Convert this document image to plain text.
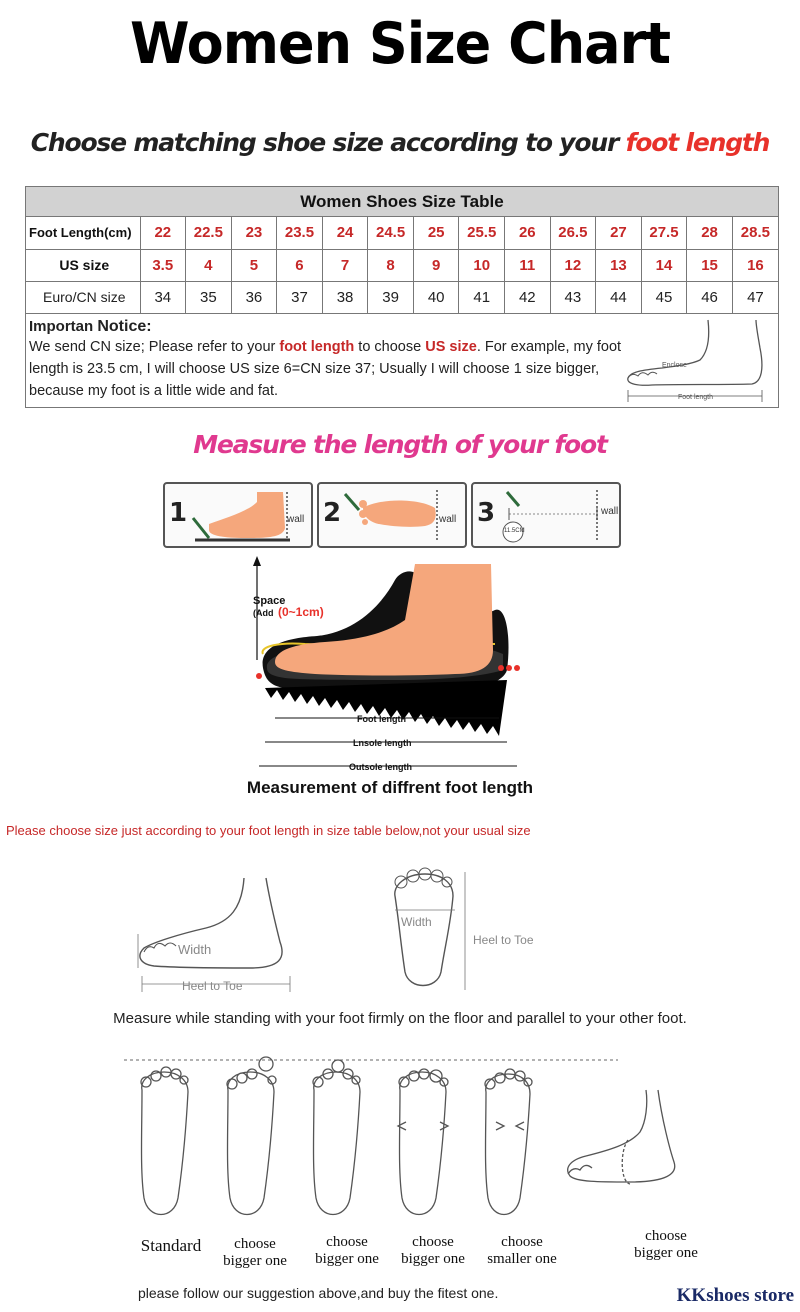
Women Size Chart
Choose matching shoe size according to your foot length
Women Shoes Size Table
Foot Length(cm)	22	22.5	23	23.5	24	24.5	25	25.5	26	26.5	27	27.5	28	28.5
US size	3.5	4	5	6	7	8	9	10	11	12	13	14	15	16
Euro/CN size	34	35	36	37	38	39	40	41	42	43	44	45	46	47
Importan Notice:
We send CN size; Please refer to your foot length to choose US size. For example, my foot length is 23.5 cm, I will choose US size 6=CN size 37; Usually I will choose 1 size bigger, because my foot is a little wide and fat.
Enclose
Foot length
Measure the length of your foot
1	wall 2	wall 3	wall
11.5CM
Space
(Add (0~1cm)
Foot length
Lnsole length
Outsole length
Measurement of diffrent foot length
Please choose size just according to your foot length in size table below,not your usual size
Width
Heel to Toe
Width
Heel to Toe
Measure while standing with your foot firmly on the floor and parallel to your other foot.
Standard	choose
bigger one
choose
bigger one
choose
bigger one
choose
smaller one
choose
bigger one
please follow our suggestion above,and buy the fitest one.	KKshoes store
